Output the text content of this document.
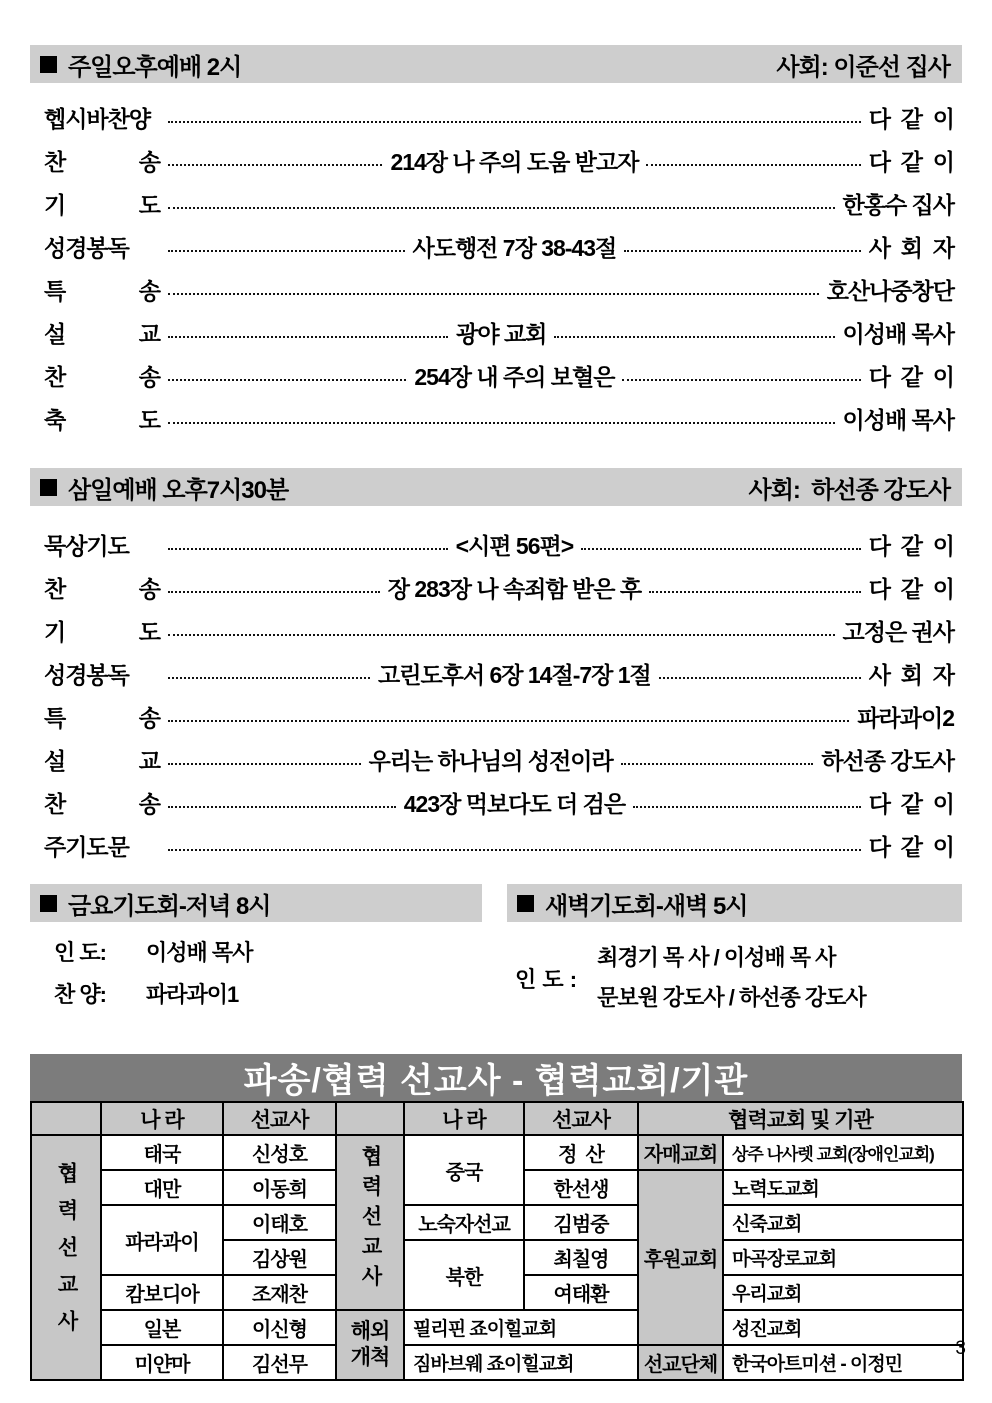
주일오후예배 2시	사회: 이준선 집사
헵시바찬양	다  같  이
찬 송	214장 나 주의 도움 받고자	다  같  이
기 도	한홍수 집사
성경봉독	사도행전 7장 38-43절	사  회  자
특 송	호산나중창단
설 교	광야 교회	이성배 목사
찬 송	254장 내 주의 보혈은	다  같  이
축 도	이성배 목사
삼일예배 오후7시30분	사회:  하선종 강도사
묵상기도	<시편 56편>	다  같  이
찬 송	장 283장 나 속죄함 받은 후	다  같  이
기 도	고정은 권사
성경봉독	고린도후서 6장 14절-7장 1절	사  회  자
특 송	파라과이2
설 교	우리는 하나님의 성전이라	하선종 강도사
찬 송	423장 먹보다도 더 검은	다  같  이
주기도문	다  같  이
금요기도회-저녁 8시	새벽기도회-새벽 5시
인 도:	이성배 목사
찬 양:	파라과이1
인 도 :
최경기 목 사 / 이성배 목 사
문보원 강도사 / 하선종 강도사
파송/협력 선교사 - 협력교회/기관
	나 라	선교사		나 라	선교사	협력교회 및 기관	
협력선교사	태국	신성호	협력선교사	중국	정  산	자매교회	상주 나사렛 교회(장애인교회)
	대만	이동희			한선생	후원교회	노력도교회
	파라과이	이태호		노숙자선교	김범중		신죽교회
		김상원		북한	최칠영		마곡장로교회
	캄보디아	조재찬			여태환		우리교회
	일본	이신형	해외 개척	필리핀 죠이힐교회			성진교회
	미얀마	김선무		짐바브웨 죠이힐교회		선교단체	한국아트미션 - 이정민
3
